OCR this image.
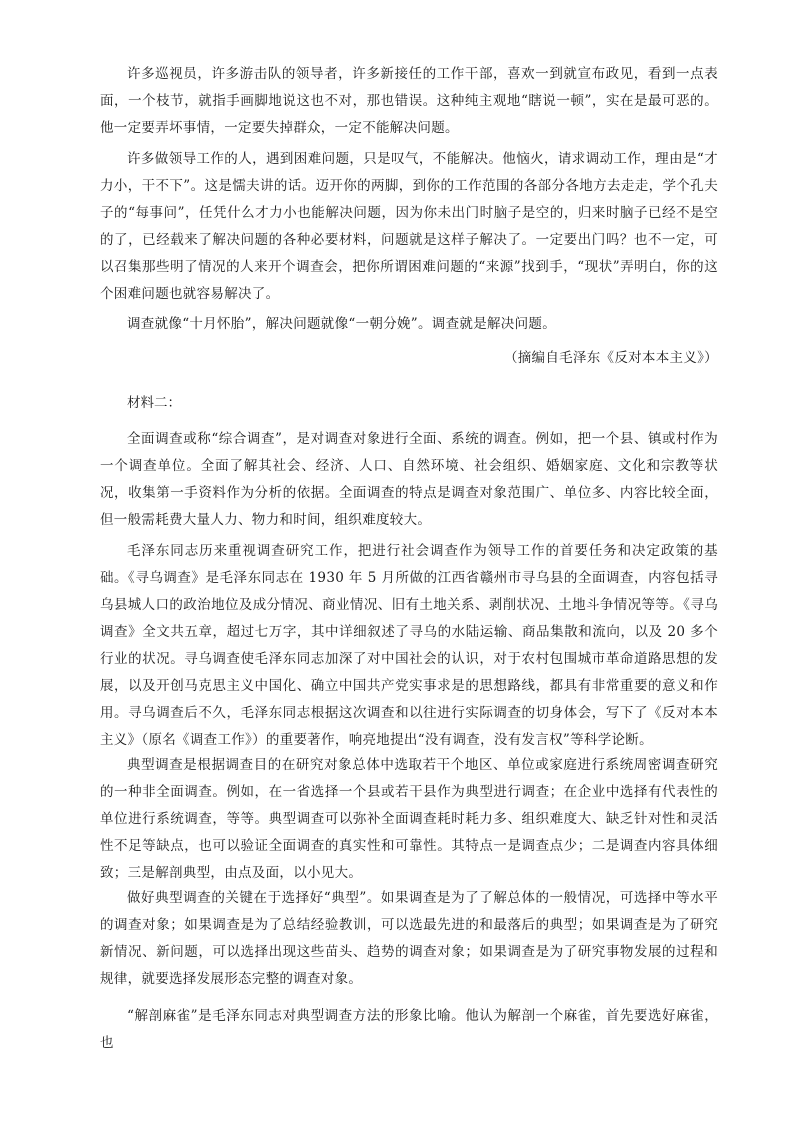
许多巡视员，许多游击队的领导者，许多新接任的工作干部，喜欢一到就宣布政见，看到一点表面，一个枝节，就指手画脚地说这也不对，那也错误。这种纯主观地“瞎说一顿”，实在是最可恶的。他一定要弄坏事情，一定要失掉群众，一定不能解决问题。

许多做领导工作的人，遇到困难问题，只是叹气，不能解决。他恼火，请求调动工作，理由是“才力小，干不下”。这是懦夫讲的话。迈开你的两脚，到你的工作范围的各部分各地方去走走，学个孔夫子的“每事问”，任凭什么才力小也能解决问题，因为你未出门时脑子是空的，归来时脑子已经不是空的了，已经载来了解决问题的各种必要材料，问题就是这样子解决了。一定要出门吗？也不一定，可以召集那些明了情况的人来开个调查会，把你所谓困难问题的“来源”找到手，“现状”弄明白，你的这个困难问题也就容易解决了。

调查就像“十月怀胎”，解决问题就像“一朝分娩”。调查就是解决问题。

（摘编自毛泽东《反对本本主义》）

材料二：

全面调查或称“综合调查”，是对调查对象进行全面、系统的调查。例如，把一个县、镇或村作为一个调查单位。全面了解其社会、经济、人口、自然环境、社会组织、婚姻家庭、文化和宗教等状况，收集第一手资料作为分析的依据。全面调查的特点是调查对象范围广、单位多、内容比较全面，但一般需耗费大量人力、物力和时间，组织难度较大。

毛泽东同志历来重视调查研究工作，把进行社会调查作为领导工作的首要任务和决定政策的基础。《寻乌调查》是毛泽东同志在 1930 年 5 月所做的江西省赣州市寻乌县的全面调查，内容包括寻乌县城人口的政治地位及成分情况、商业情况、旧有土地关系、剥削状况、土地斗争情况等等。《寻乌调查》全文共五章，超过七万字，其中详细叙述了寻乌的水陆运输、商品集散和流向，以及 20 多个行业的状况。寻乌调查使毛泽东同志加深了对中国社会的认识，对于农村包围城市革命道路思想的发展，以及开创马克思主义中国化、确立中国共产党实事求是的思想路线，都具有非常重要的意义和作用。寻乌调查后不久，毛泽东同志根据这次调查和以往进行实际调查的切身体会，写下了《反对本本主义》（原名《调查工作》）的重要著作，响亮地提出“没有调查，没有发言权”等科学论断。

典型调查是根据调查目的在研究对象总体中选取若干个地区、单位或家庭进行系统周密调查研究的一种非全面调查。例如，在一省选择一个县或若干县作为典型进行调查；在企业中选择有代表性的单位进行系统调查，等等。典型调查可以弥补全面调查耗时耗力多、组织难度大、缺乏针对性和灵活性不足等缺点，也可以验证全面调查的真实性和可靠性。其特点一是调查点少；二是调查内容具体细致；三是解剖典型，由点及面，以小见大。

做好典型调查的关键在于选择好“典型”。如果调查是为了了解总体的一般情况，可选择中等水平的调查对象；如果调查是为了总结经验教训，可以选最先进的和最落后的典型；如果调查是为了研究新情况、新问题，可以选择出现这些苗头、趋势的调查对象；如果调查是为了研究事物发展的过程和规律，就要选择发展形态完整的调查对象。

“解剖麻雀”是毛泽东同志对典型调查方法的形象比喻。他认为解剖一个麻雀，首先要选好麻雀，也
